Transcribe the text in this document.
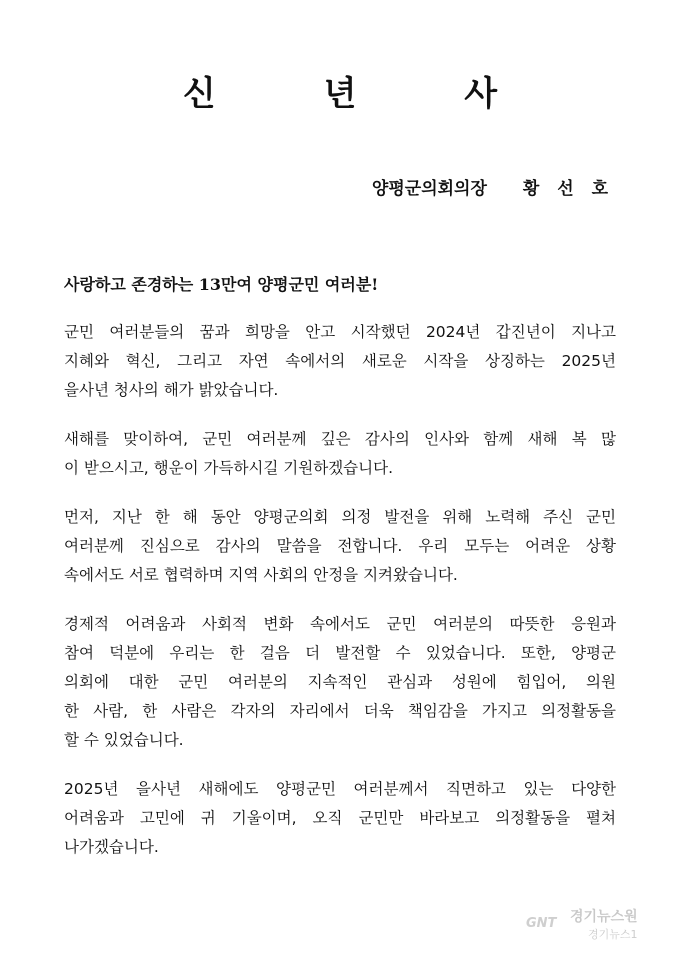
신 년 사
양평군의회의장 황 선 호
사랑하고 존경하는 13만여 양평군민 여러분!
군민 여러분들의 꿈과 희망을 안고 시작했던 2024년 갑진년이 지나고
지혜와 혁신, 그리고 자연 속에서의 새로운 시작을 상징하는 2025년
을사년 청사의 해가 밝았습니다.
새해를 맞이하여, 군민 여러분께 깊은 감사의 인사와 함께 새해 복 많
이 받으시고, 행운이 가득하시길 기원하겠습니다.
먼저, 지난 한 해 동안 양평군의회 의정 발전을 위해 노력해 주신 군민
여러분께 진심으로 감사의 말씀을 전합니다. 우리 모두는 어려운 상황
속에서도 서로 협력하며 지역 사회의 안정을 지켜왔습니다.
경제적 어려움과 사회적 변화 속에서도 군민 여러분의 따뜻한 응원과
참여 덕분에 우리는 한 걸음 더 발전할 수 있었습니다. 또한, 양평군
의회에 대한 군민 여러분의 지속적인 관심과 성원에 힘입어, 의원
한 사람, 한 사람은 각자의 자리에서 더욱 책임감을 가지고 의정활동을
할 수 있었습니다.
2025년 을사년 새해에도 양평군민 여러분께서 직면하고 있는 다양한
어려움과 고민에 귀 기울이며, 오직 군민만 바라보고 의정활동을 펼쳐
나가겠습니다.
GNT 경기뉴스원
경기뉴스1
